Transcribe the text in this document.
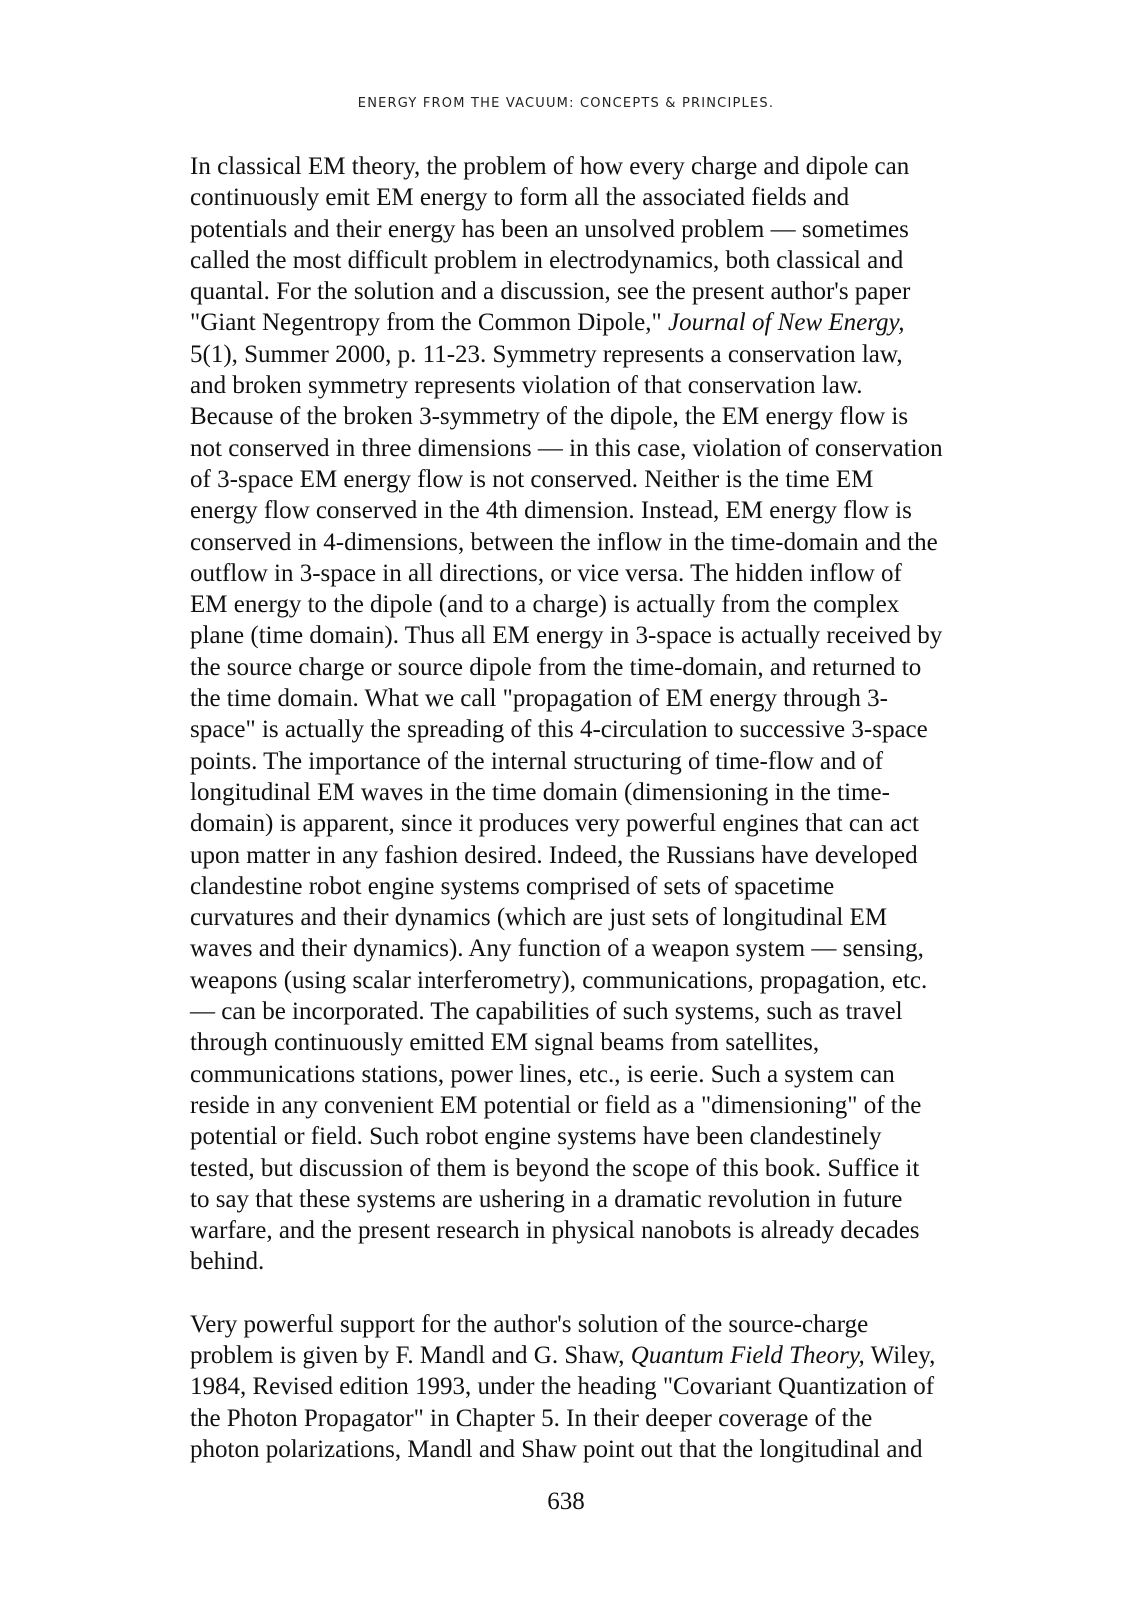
ENERGY FROM THE VACUUM: CONCEPTS & PRINCIPLES.

In classical EM theory, the problem of how every charge and dipole can
continuously emit EM energy to form all the associated fields and
potentials and their energy has been an unsolved problem — sometimes
called the most difficult problem in electrodynamics, both classical and
quantal. For the solution and a discussion, see the present author's paper
"Giant Negentropy from the Common Dipole," Journal of New Energy,
5(1), Summer 2000, p. 11-23. Symmetry represents a conservation law,
and broken symmetry represents violation of that conservation law.
Because of the broken 3-symmetry of the dipole, the EM energy flow is
not conserved in three dimensions — in this case, violation of conservation
of 3-space EM energy flow is not conserved. Neither is the time EM
energy flow conserved in the 4th dimension. Instead, EM energy flow is
conserved in 4-dimensions, between the inflow in the time-domain and the
outflow in 3-space in all directions, or vice versa. The hidden inflow of
EM energy to the dipole (and to a charge) is actually from the complex
plane (time domain). Thus all EM energy in 3-space is actually received by
the source charge or source dipole from the time-domain, and returned to
the time domain. What we call "propagation of EM energy through 3-
space" is actually the spreading of this 4-circulation to successive 3-space
points. The importance of the internal structuring of time-flow and of
longitudinal EM waves in the time domain (dimensioning in the time-
domain) is apparent, since it produces very powerful engines that can act
upon matter in any fashion desired. Indeed, the Russians have developed
clandestine robot engine systems comprised of sets of spacetime
curvatures and their dynamics (which are just sets of longitudinal EM
waves and their dynamics). Any function of a weapon system — sensing,
weapons (using scalar interferometry), communications, propagation, etc.
— can be incorporated. The capabilities of such systems, such as travel
through continuously emitted EM signal beams from satellites,
communications stations, power lines, etc., is eerie. Such a system can
reside in any convenient EM potential or field as a "dimensioning" of the
potential or field. Such robot engine systems have been clandestinely
tested, but discussion of them is beyond the scope of this book. Suffice it
to say that these systems are ushering in a dramatic revolution in future
warfare, and the present research in physical nanobots is already decades
behind.

Very powerful support for the author's solution of the source-charge
problem is given by F. Mandl and G. Shaw, Quantum Field Theory, Wiley,
1984, Revised edition 1993, under the heading "Covariant Quantization of
the Photon Propagator" in Chapter 5. In their deeper coverage of the
photon polarizations, Mandl and Shaw point out that the longitudinal and

638
